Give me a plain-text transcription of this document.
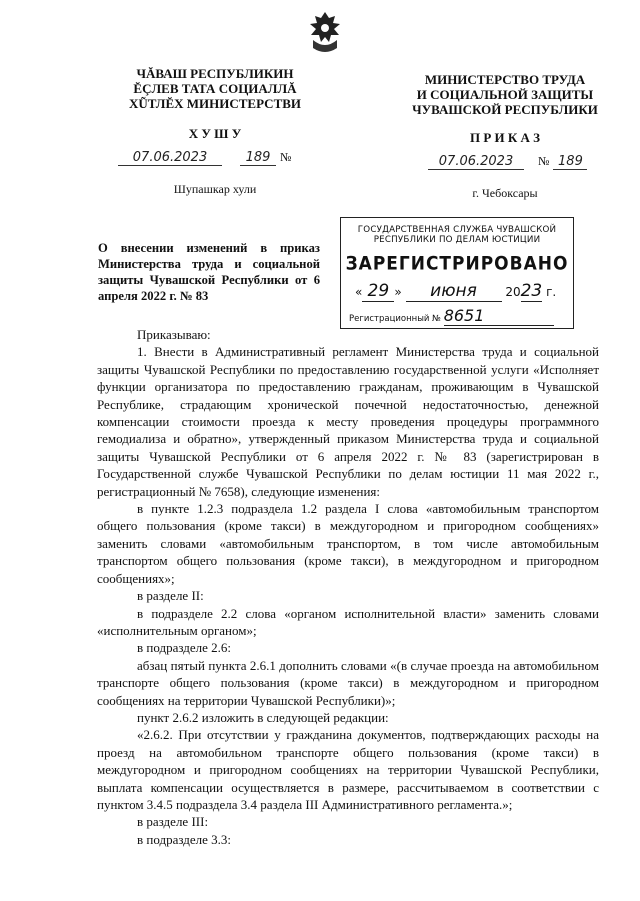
ЧĂВАШ РЕСПУБЛИКИН
ĔÇЛЕВ ТАТА СОЦИАЛЛĂ
ХŨТЛĔХ МИНИСТЕРСТВИ
Х У Ш У
07.06.2023	189 №
Шупашкар хули
МИНИСТЕРСТВО ТРУДА
И СОЦИАЛЬНОЙ ЗАЩИТЫ
ЧУВАШСКОЙ РЕСПУБЛИКИ
П Р И К А З
07.06.2023 № 189
г. Чебоксары
О внесении изменений в приказ Министерства труда и социальной защиты Чувашской Республики от 6 апреля 2022 г. № 83
ГОСУДАРСТВЕННАЯ СЛУЖБА ЧУВАШСКОЙ
РЕСПУБЛИКИ ПО ДЕЛАМ ЮСТИЦИИ
ЗАРЕГИСТРИРОВАНО
« 29 » июня 2023 г.
Регистрационный № 8651

Приказываю:

1. Внести в Административный регламент Министерства труда и социальной защиты Чувашской Республики по предоставлению государственной услуги «Исполняет функции организатора по предоставлению гражданам, проживающим в Чувашской Республике, страдающим хронической почечной недостаточностью, денежной компенсации стоимости проезда к месту проведения процедуры программного гемодиализа и обратно», утвержденный приказом Министерства труда и социальной защиты Чувашской Республики от 6 апреля 2022 г. № 83 (зарегистрирован в Государственной службе Чувашской Республики по делам юстиции 11 мая 2022 г., регистрационный № 7658), следующие изменения:

в пункте 1.2.3 подраздела 1.2 раздела I слова «автомобильным транспортом общего пользования (кроме такси) в междугородном и пригородном сообщениях» заменить словами «автомобильным транспортом, в том числе автомобильным транспортом общего пользования (кроме такси), в междугородном и пригородном сообщениях»;

в разделе II:

в подразделе 2.2 слова «органом исполнительной власти» заменить словами «исполнительным органом»;

в подразделе 2.6:

абзац пятый пункта 2.6.1 дополнить словами «(в случае проезда на автомобильном транспорте общего пользования (кроме такси) в междугородном и пригородном сообщениях на территории Чувашской Республики)»;

пункт 2.6.2 изложить в следующей редакции:

«2.6.2. При отсутствии у гражданина документов, подтверждающих расходы на проезд на автомобильном транспорте общего пользования (кроме такси) в междугородном и пригородном сообщениях на территории Чувашской Республики, выплата компенсации осуществляется в размере, рассчитываемом в соответствии с пунктом 3.4.5 подраздела 3.4 раздела III Административного регламента.»;

в разделе III:

в подразделе 3.3:
